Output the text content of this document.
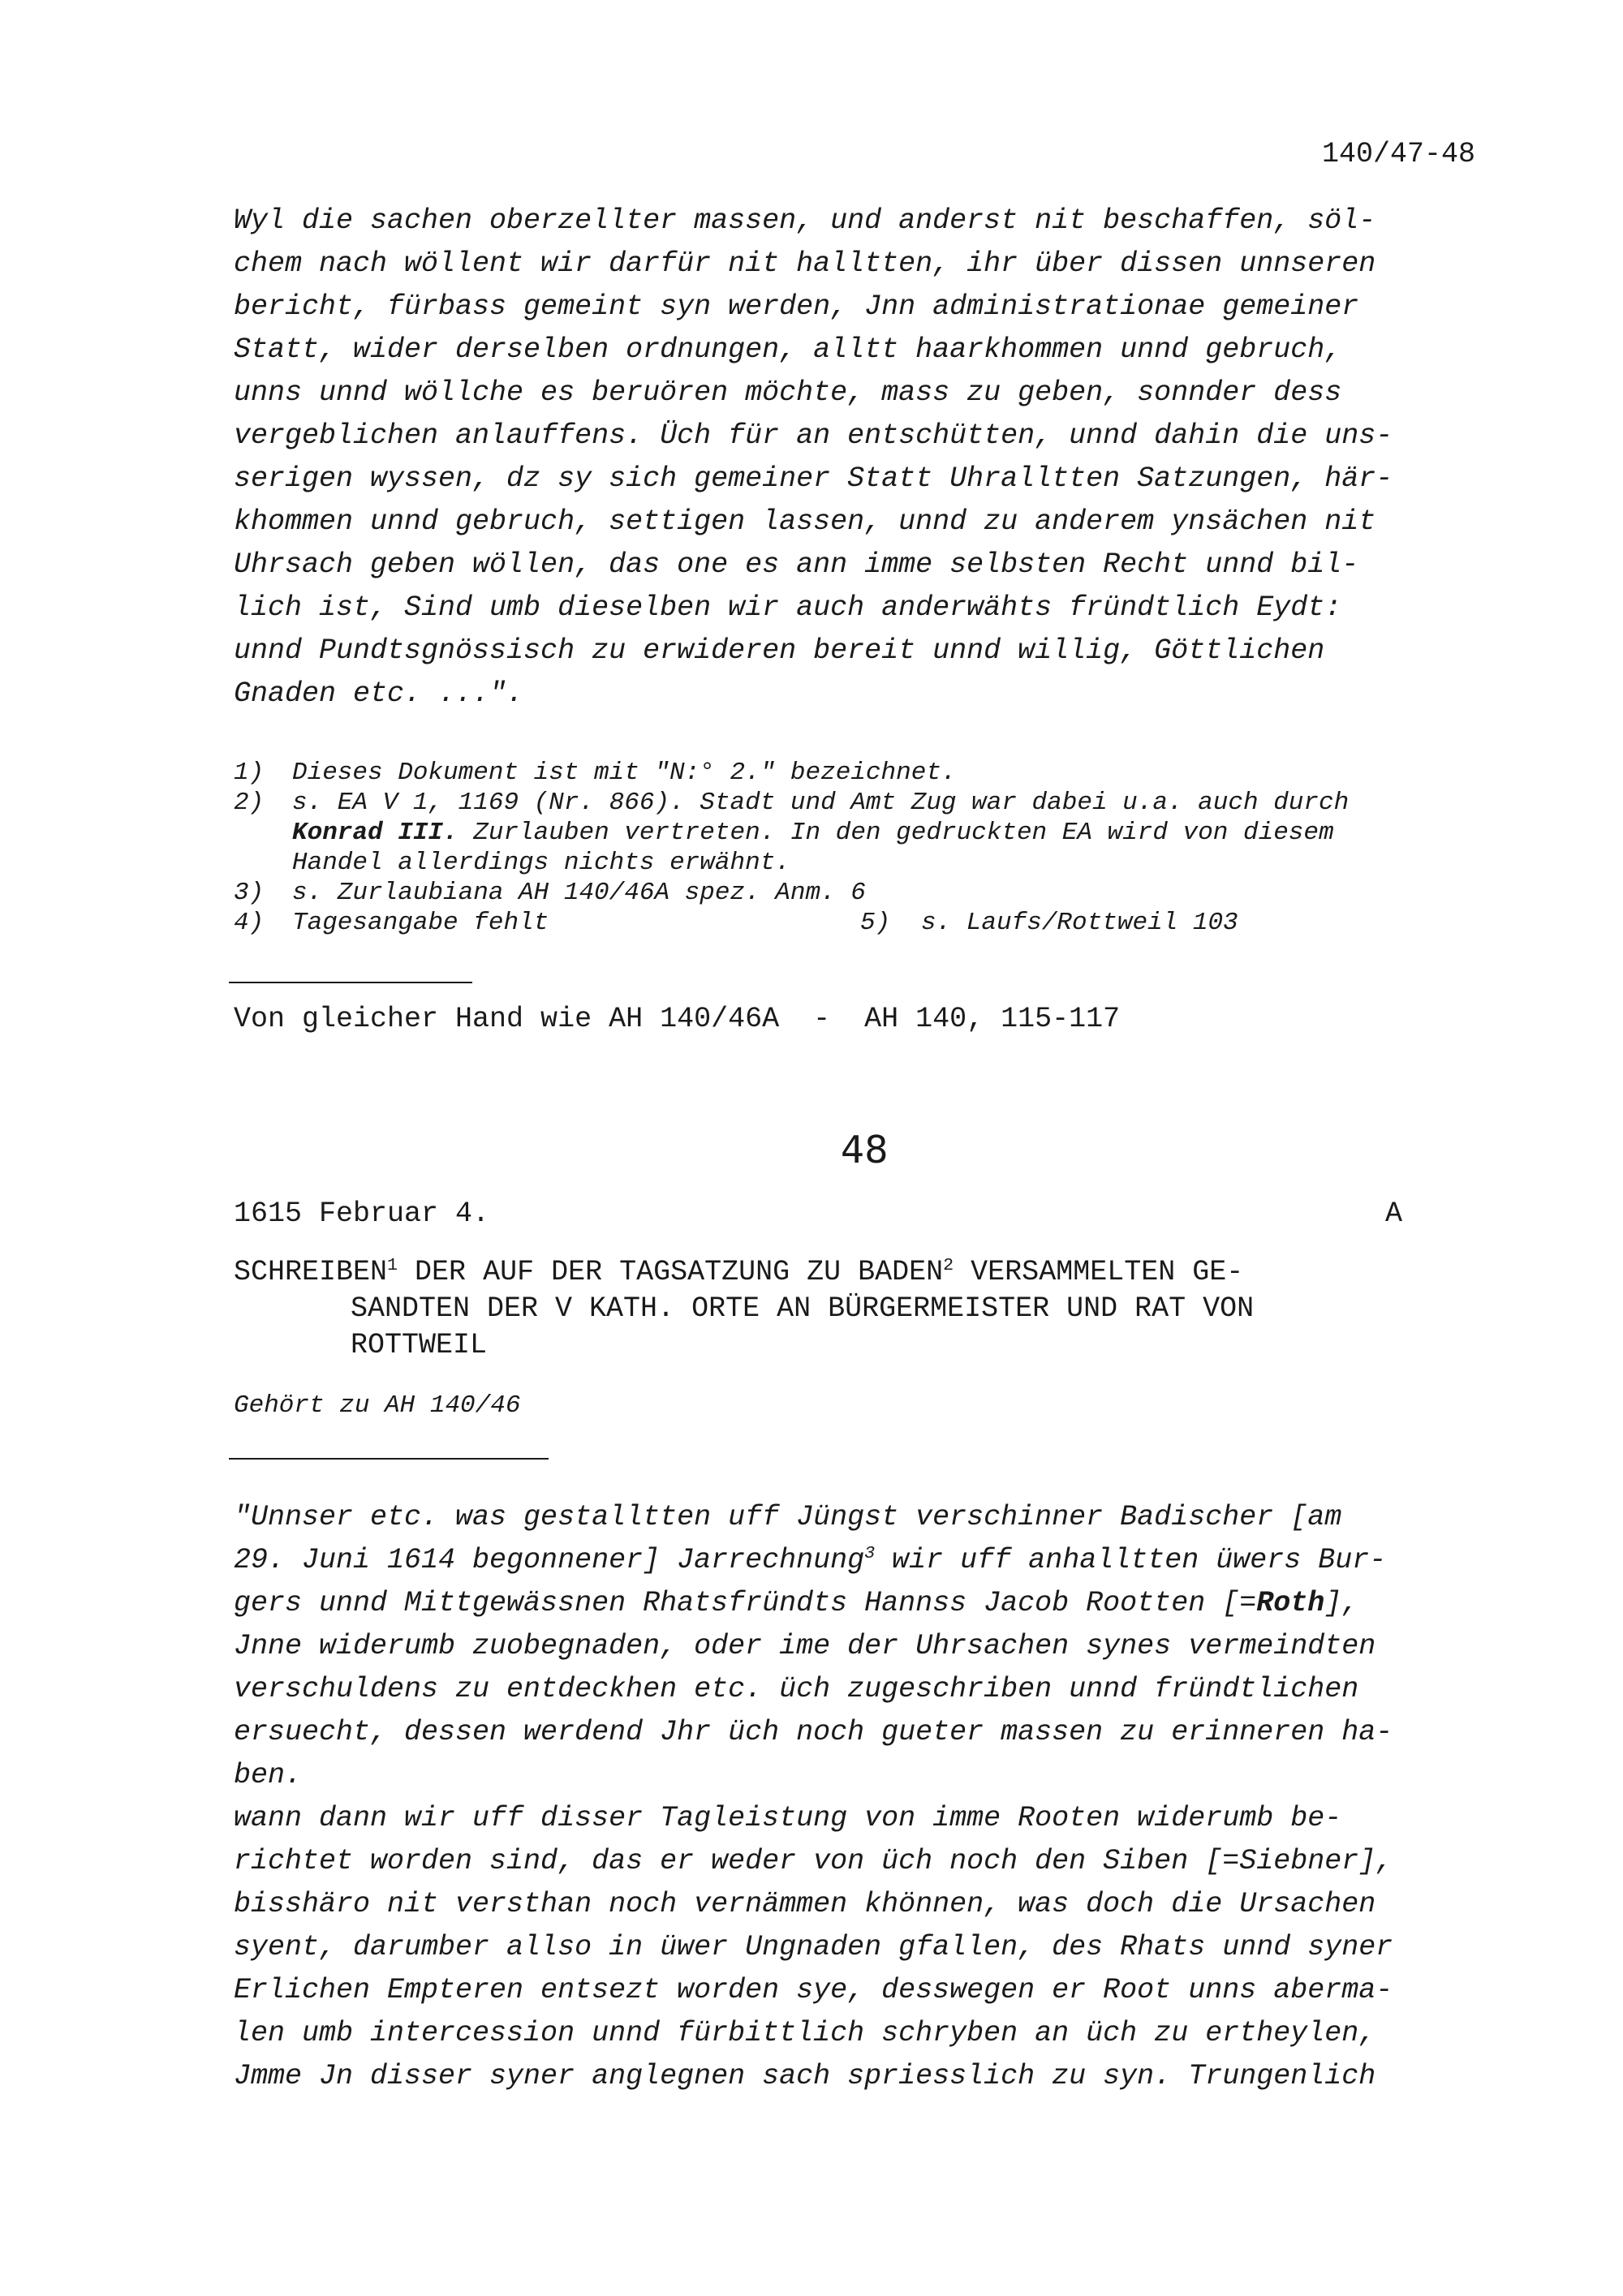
140/47-48
Wyl die sachen oberzellter massen, und anderst nit beschaffen, söl-
chem nach wöllent wir darfür nit halltten, ihr über dissen unnseren
bericht, fürbass gemeint syn werden, Jnn administrationae gemeiner
Statt, wider derselben ordnungen, alltt haarkhommen unnd gebruch,
unns unnd wöllche es beruören möchte, mass zu geben, sonnder dess
vergeblichen anlauffens. Üch für an entschütten, unnd dahin die uns-
serigen wyssen, dz sy sich gemeiner Statt Uhralltten Satzungen, här-
khommen unnd gebruch, settigen lassen, unnd zu anderem ynsächen nit
Uhrsach geben wöllen, das one es ann imme selbsten Recht unnd bil-
lich ist, Sind umb dieselben wir auch anderwähts fründtlich Eydt:
unnd Pundtsgnössisch zu erwideren bereit unnd willig, Göttlichen
Gnaden etc. ...".
1) Dieses Dokument ist mit "N:° 2." bezeichnet.
2) s. EA V 1, 1169 (Nr. 866). Stadt und Amt Zug war dabei u.a. auch durch
Konrad III. Zurlauben vertreten. In den gedruckten EA wird von diesem
Handel allerdings nichts erwähnt.
3) s. Zurlaubiana AH 140/46A spez. Anm. 6
4) Tagesangabe fehlt	5) s. Laufs/Rottweil 103
Von gleicher Hand wie AH 140/46A  -  AH 140, 115-117
48
1615 Februar 4.	A
SCHREIBEN$^1$ DER AUF DER TAGSATZUNG ZU BADEN$^2$ VERSAMMELTEN GE-
SANDTEN DER V KATH. ORTE AN BÜRGERMEISTER UND RAT VON
ROTTWEIL
Gehört zu AH 140/46
"Unnser etc. was gestalltten uff Jüngst verschinner Badischer [am
29. Juni 1614 begonnener] Jarrechnung$^3$ wir uff anhalltten üwers Bur-
gers unnd Mittgewässnen Rhatsfründts Hannss Jacob Rootten [=Roth],
Jnne widerumb zuobegnaden, oder ime der Uhrsachen synes vermeindten
verschuldens zu entdeckhen etc. üch zugeschriben unnd fründtlichen
ersuecht, dessen werdend Jhr üch noch gueter massen zu erinneren ha-
ben.
wann dann wir uff disser Tagleistung von imme Rooten widerumb be-
richtet worden sind, das er weder von üch noch den Siben [=Siebner],
bisshäro nit versthan noch vernämmen khönnen, was doch die Ursachen
syent, darumber allso in üwer Ungnaden gfallen, des Rhats unnd syner
Erlichen Empteren entsezt worden sye, desswegen er Root unns aberma-
len umb intercession unnd fürbittlich schryben an üch zu ertheylen,
Jmme Jn disser syner anglegnen sach spriesslich zu syn. Trungenlich
